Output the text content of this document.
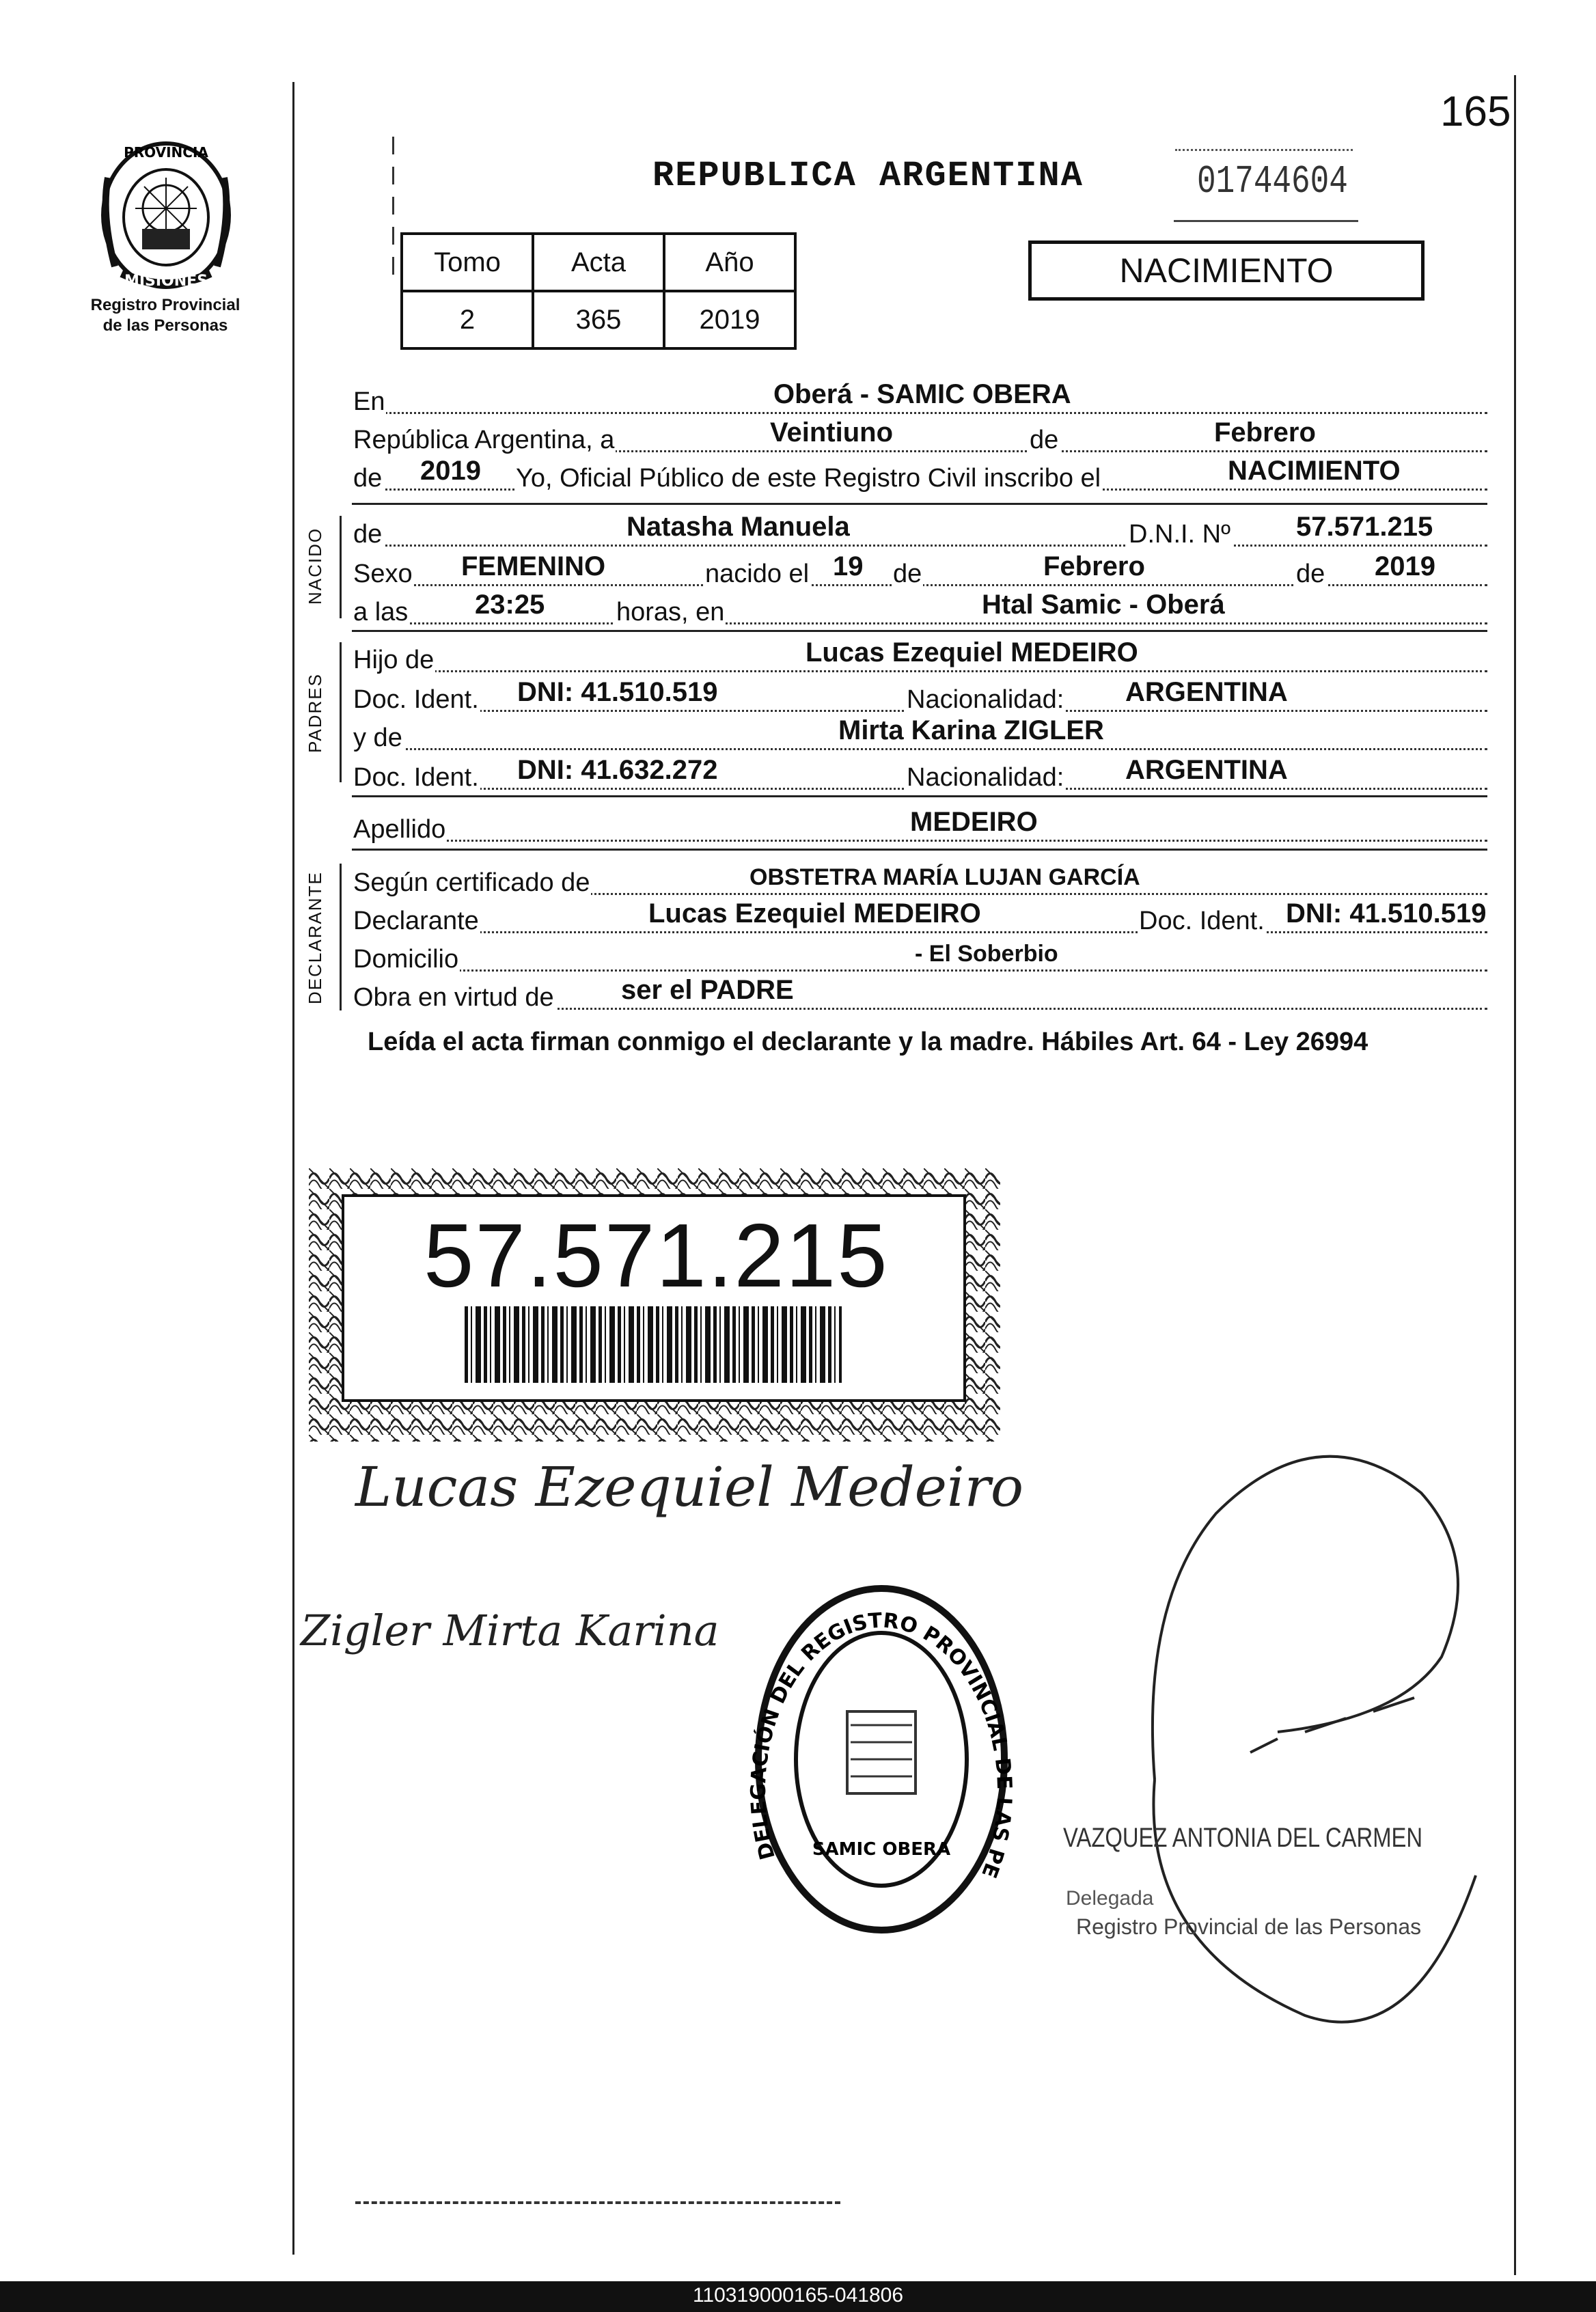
PROVINCIA
MISIONES
Registro Provincial
de las Personas
165
REPUBLICA ARGENTINA	01744604
Tomo	Acta	Año
2	365	2019
NACIMIENTO
En	Oberá - SAMIC OBERA
República Argentina, a	Veintiuno	de	Febrero
de 2019 Yo, Oficial Público de este Registro Civil inscribo el	NACIMIENTO
NACIDO de	Natasha Manuela	D.N.I. Nº 57.571.215
Sexo FEMENINO	nacido el 19 de	Febrero	de 2019
a las 23:25	horas, en	Htal Samic - Oberá
PADRES
Hijo de	Lucas Ezequiel MEDEIRO
Doc. Ident. DNI: 41.510.519	Nacionalidad: ARGENTINA
y de	Mirta Karina ZIGLER
Doc. Ident. DNI: 41.632.272	Nacionalidad: ARGENTINA
Apellido	MEDEIRO
DECLARANTE Según certificado de	OBSTETRA MARÍA LUJAN GARCÍA
Declarante	Lucas Ezequiel MEDEIRO	Doc. Ident. DNI: 41.510.519
Domicilio	- El Soberbio
Obra en virtud de ser el PADRE
Leída el acta firman conmigo el declarante y la madre. Hábiles Art. 64 - Ley 26994
57.571.215
Lucas Ezequiel Medeiro
Zigler Mirta Karina
DELEGACIÓN DEL REGISTRO PROVINCIAL DE LAS PE
SAMIC OBERA	VAZQUEZ ANTONIA DEL CARMEN
Delegada
Registro Provincial de las Personas
110319000165-041806
